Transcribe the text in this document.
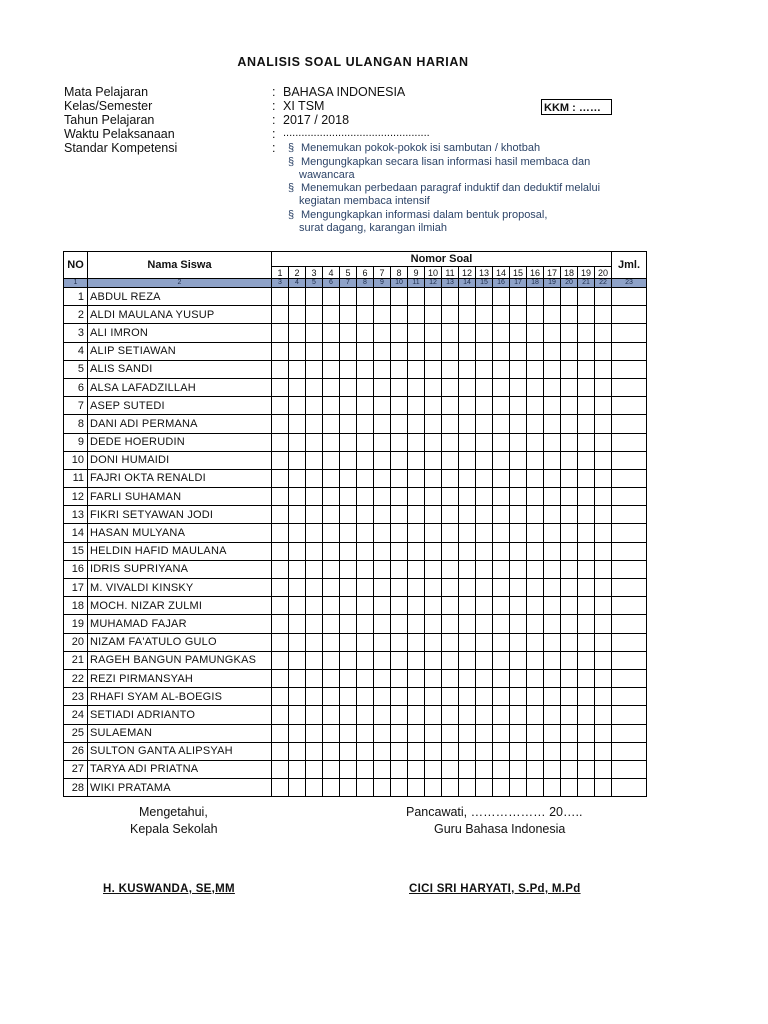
ANALISIS SOAL ULANGAN HARIAN
Mata Pelajaran	: BAHASA INDONESIA
Kelas/Semester	: XI TSM	KKM : ……
Tahun Pelajaran	: 2017 / 2018
Waktu Pelaksanaan	: ................................................
Standar Kompetensi	: § Menemukan pokok-pokok isi sambutan / khotbah
§ Mengungkapkan secara lisan informasi hasil membaca dan
wawancara
§ Menemukan perbedaan paragraf induktif dan deduktif melalui
kegiatan membaca intensif
§ Mengungkapkan informasi dalam bentuk proposal,
surat dagang, karangan ilmiah
NO	Nama Siswa	Nomor Soal																				Jml.
		1	2	3	4	5	6	7	8	9	10	11	12	13	14	15	16	17	18	19	20	
1	2	3	4	5	6	7	8	9	10	11	12	13	14	15	16	17	18	19	20	21	22	23
1	ABDUL REZA																					
2	ALDI MAULANA YUSUP																					
3	ALI IMRON																					
4	ALIP SETIAWAN																					
5	ALIS SANDI																					
6	ALSA LAFADZILLAH																					
7	ASEP SUTEDI																					
8	DANI ADI PERMANA																					
9	DEDE HOERUDIN																					
10	DONI HUMAIDI																					
11	FAJRI OKTA RENALDI																					
12	FARLI SUHAMAN																					
13	FIKRI SETYAWAN JODI																					
14	HASAN MULYANA																					
15	HELDIN HAFID MAULANA																					
16	IDRIS SUPRIYANA																					
17	M. VIVALDI KINSKY																					
18	MOCH. NIZAR ZULMI																					
19	MUHAMAD FAJAR																					
20	NIZAM FA'ATULO GULO																					
21	RAGEH BANGUN PAMUNGKAS																					
22	REZI PIRMANSYAH																					
23	RHAFI SYAM AL-BOEGIS																					
24	SETIADI ADRIANTO																					
25	SULAEMAN																					
26	SULTON GANTA ALIPSYAH																					
27	TARYA ADI PRIATNA																					
28	WIKI PRATAMA																					
Mengetahui,
Kepala Sekolah
H. KUSWANDA, SE,MM
Pancawati, ……………… 20…..
Guru Bahasa Indonesia
CICI SRI HARYATI, S.Pd, M.Pd
